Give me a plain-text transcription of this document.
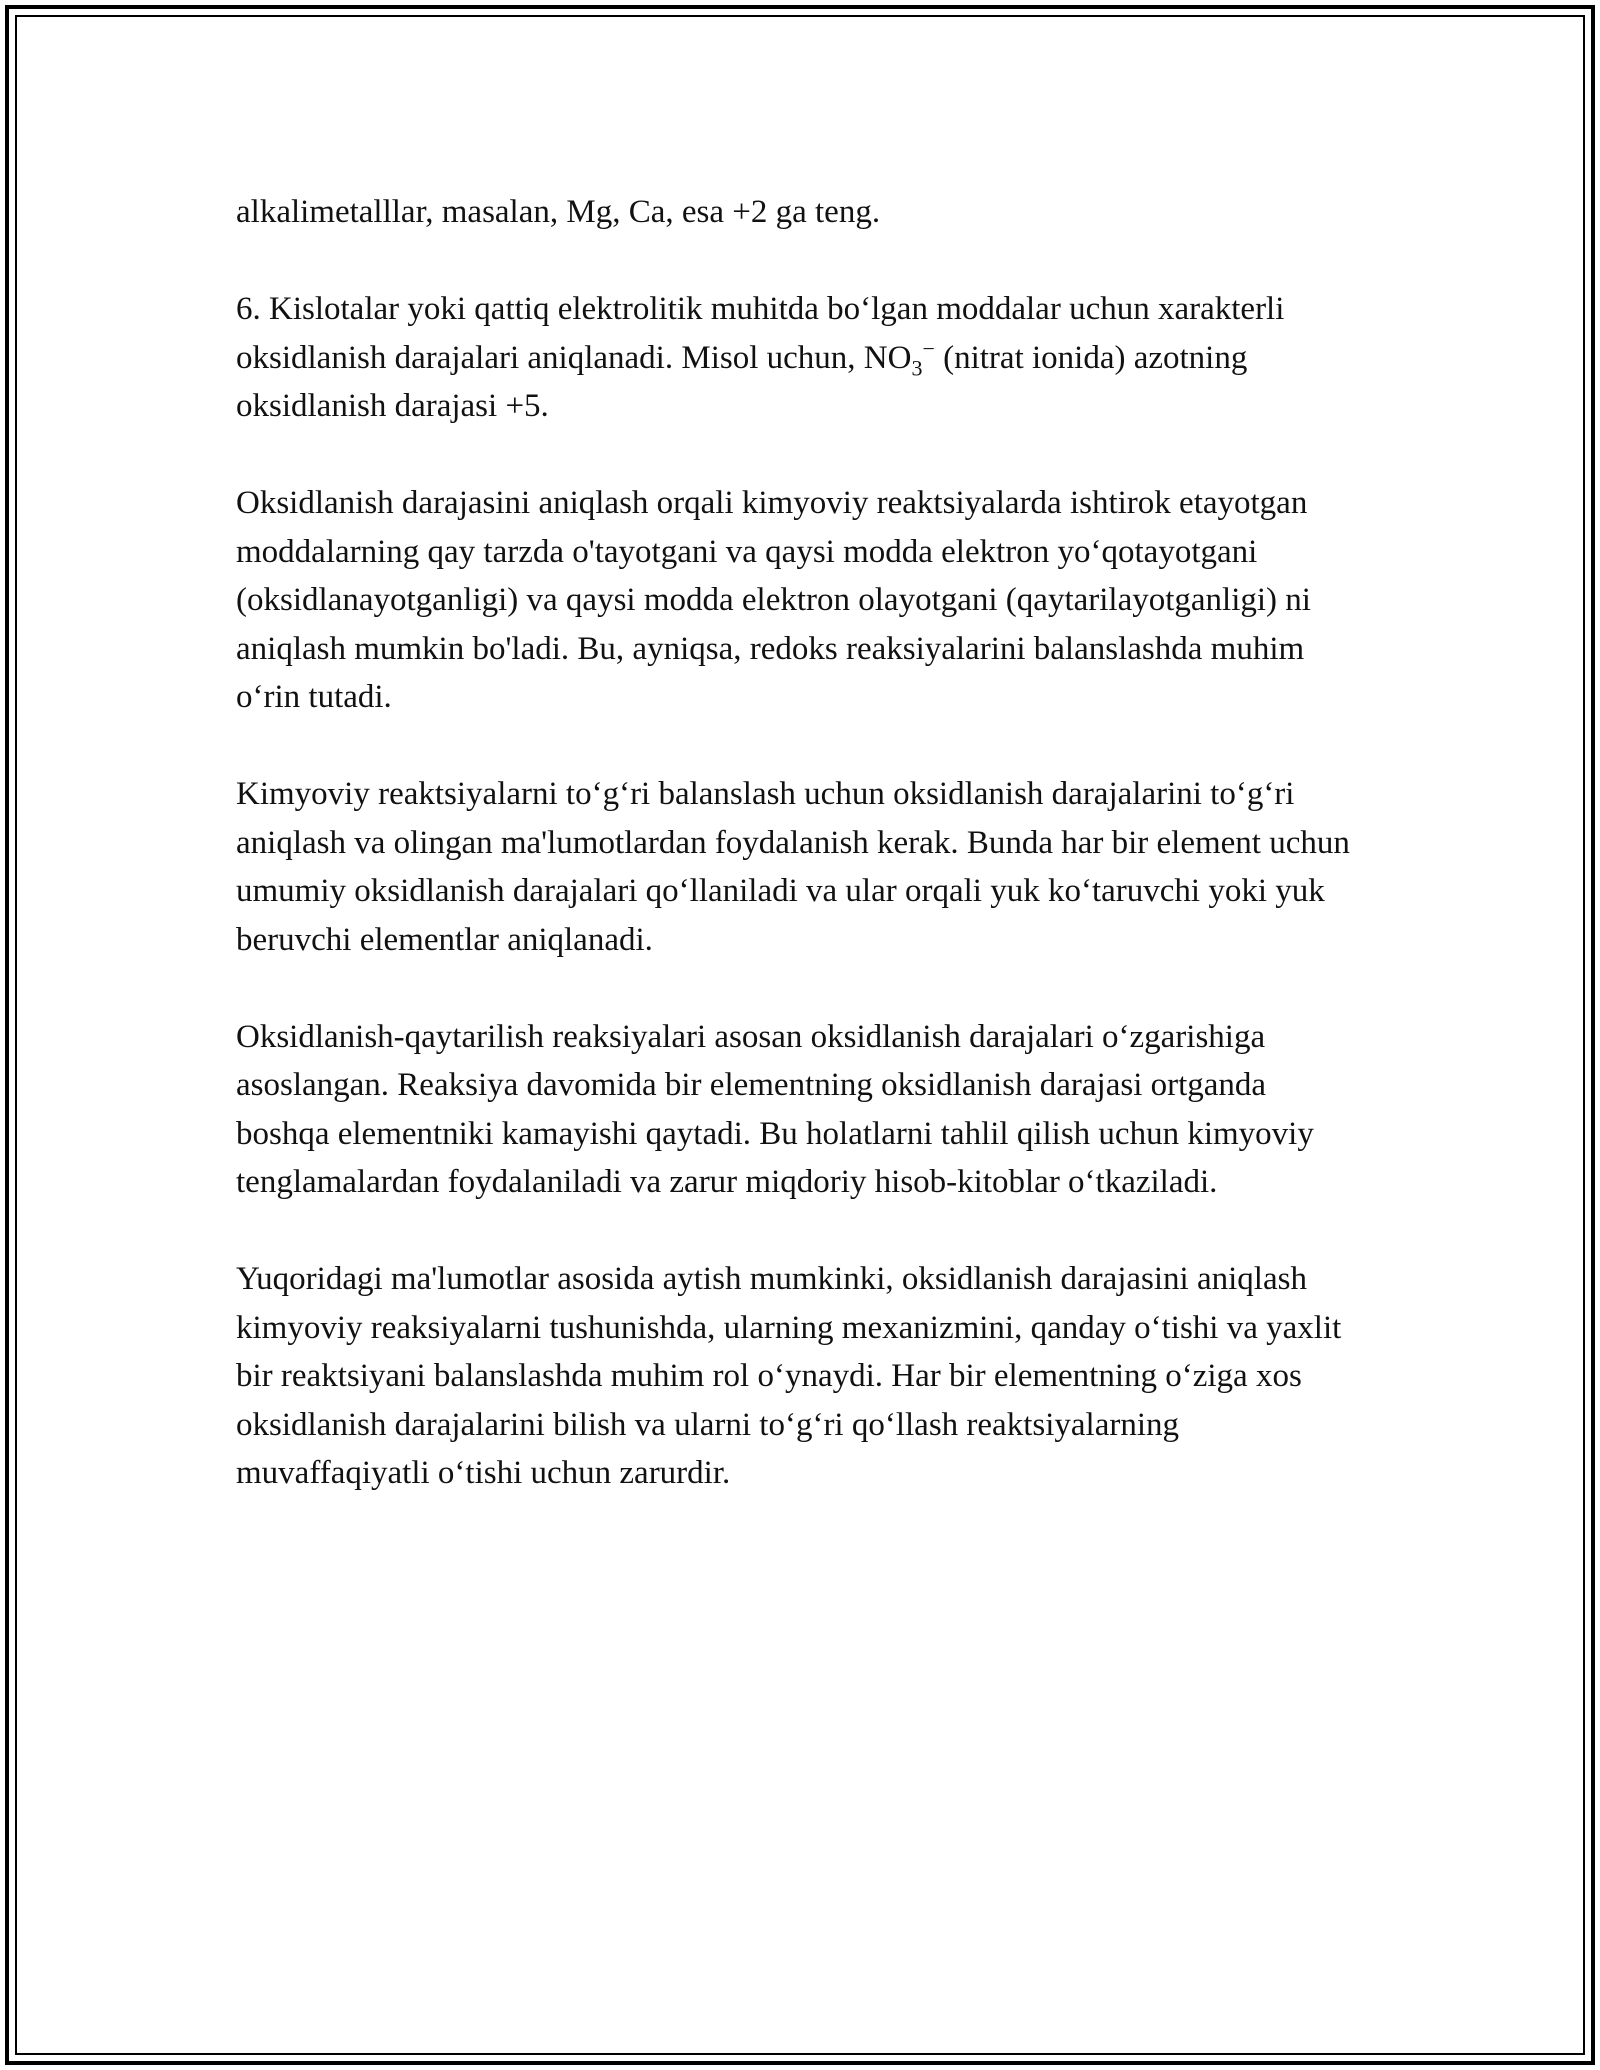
alkalimetalllar, masalan, Mg, Ca, esa +2 ga teng.

6. Kislotalar yoki qattiq elektrolitik muhitda boʻlgan moddalar uchun xarakterli oksidlanish darajalari aniqlanadi. Misol uchun, $NO_3^-$ (nitrat ionida) azotning oksidlanish darajasi +5.

Oksidlanish darajasini aniqlash orqali kimyoviy reaktsiyalarda ishtirok etayotgan moddalarning qay tarzda o'tayotgani va qaysi modda elektron yoʻqotayotgani (oksidlanayotganligi) va qaysi modda elektron olayotgani (qaytarilayotganligi) ni aniqlash mumkin bo'ladi. Bu, ayniqsa, redoks reaksiyalarini balanslashda muhim oʻrin tutadi.

Kimyoviy reaktsiyalarni toʻgʻri balanslash uchun oksidlanish darajalarini toʻgʻri aniqlash va olingan ma'lumotlardan foydalanish kerak. Bunda har bir element uchun umumiy oksidlanish darajalari qoʻllaniladi va ular orqali yuk koʻtaruvchi yoki yuk beruvchi elementlar aniqlanadi.

Oksidlanish-qaytarilish reaksiyalari asosan oksidlanish darajalari oʻzgarishiga asoslangan. Reaksiya davomida bir elementning oksidlanish darajasi ortganda boshqa elementniki kamayishi qaytadi. Bu holatlarni tahlil qilish uchun kimyoviy tenglamalardan foydalaniladi va zarur miqdoriy hisob-kitoblar oʻtkaziladi.

Yuqoridagi ma'lumotlar asosida aytish mumkinki, oksidlanish darajasini aniqlash kimyoviy reaksiyalarni tushunishda, ularning mexanizmini, qanday oʻtishi va yaxlit bir reaktsiyani balanslashda muhim rol oʻynaydi. Har bir elementning oʻziga xos oksidlanish darajalarini bilish va ularni toʻgʻri qoʻllash reaktsiyalarning muvaffaqiyatli oʻtishi uchun zarurdir.
